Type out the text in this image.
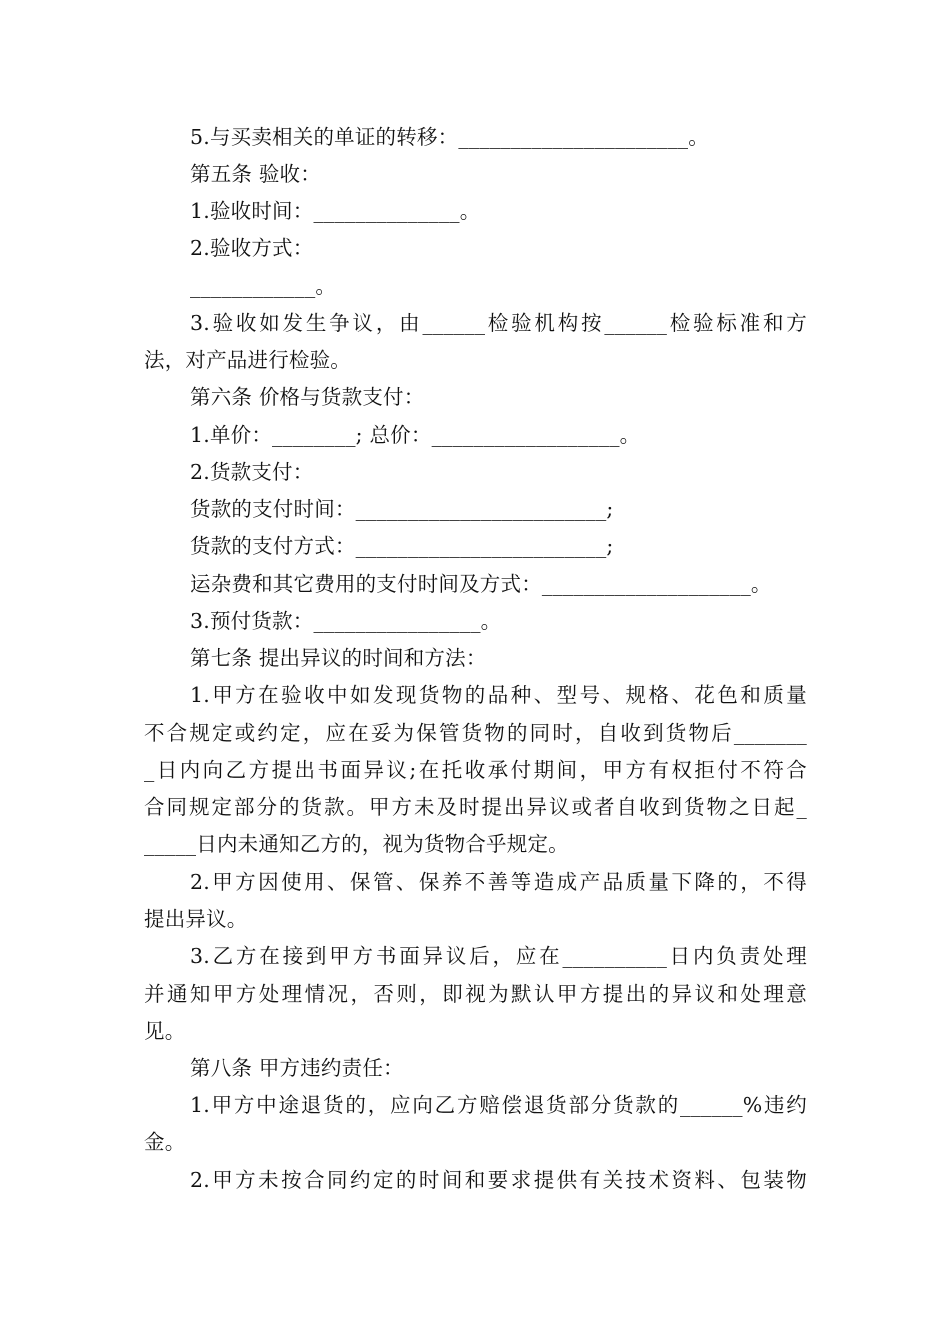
5.与买卖相关的单证的转移：______________________。

第五条 验收：

1.验收时间：______________。

2.验收方式：

____________。

3.验收如发生争议，由______检验机构按______检验标准和方

法，对产品进行检验。

第六条 价格与货款支付：

1.单价：________; 总价：__________________。

2.货款支付：

货款的支付时间：________________________;

货款的支付方式：________________________;

运杂费和其它费用的支付时间及方式：____________________。

3.预付货款：________________。

第七条 提出异议的时间和方法：

1.甲方在验收中如发现货物的品种、型号、规格、花色和质量

不合规定或约定，应在妥为保管货物的同时，自收到货物后_______

_日内向乙方提出书面异议;在托收承付期间，甲方有权拒付不符合

合同规定部分的货款。甲方未及时提出异议或者自收到货物之日起_

_____日内未通知乙方的，视为货物合乎规定。

2.甲方因使用、保管、保养不善等造成产品质量下降的，不得

提出异议。

3.乙方在接到甲方书面异议后，应在__________日内负责处理

并通知甲方处理情况，否则，即视为默认甲方提出的异议和处理意

见。

第八条 甲方违约责任：

1.甲方中途退货的，应向乙方赔偿退货部分货款的______%违约

金。

2.甲方未按合同约定的时间和要求提供有关技术资料、包装物
